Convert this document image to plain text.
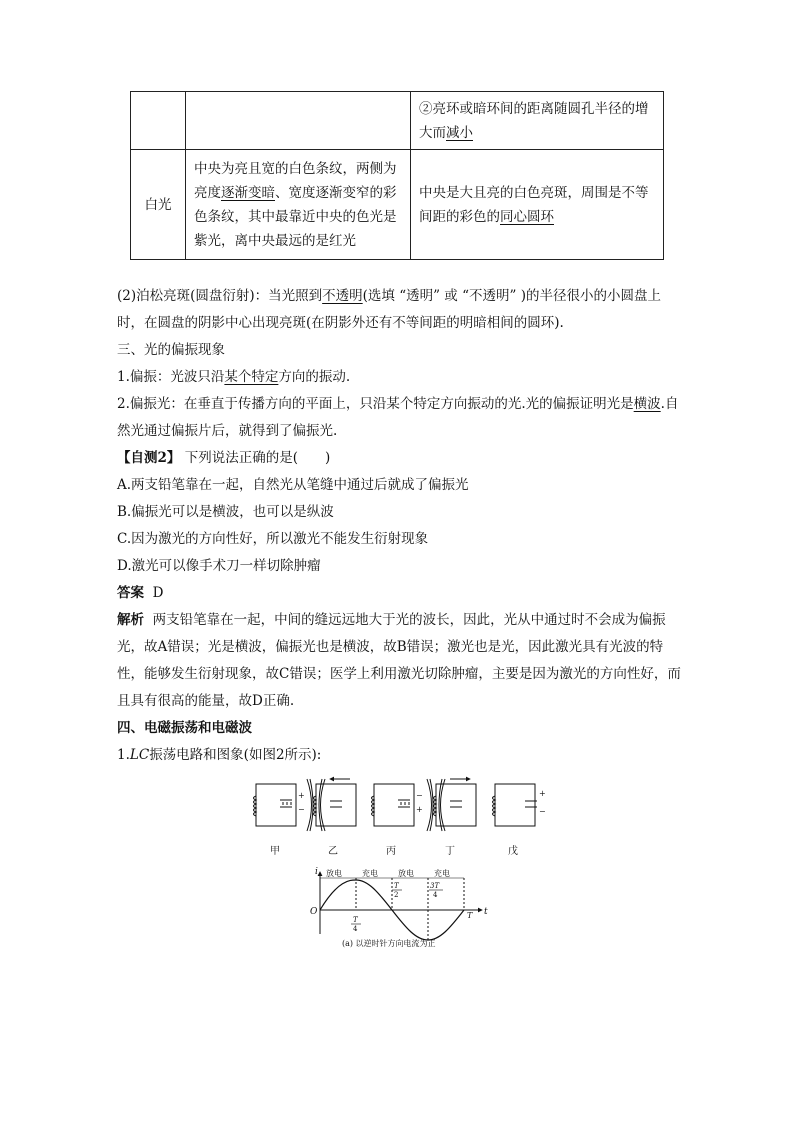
		②亮环或暗环间的距离随圆孔半径的增大而减小
白光	中央为亮且宽的白色条纹，两侧为亮度逐渐变暗、宽度逐渐变窄的彩色条纹，其中最靠近中央的色光是紫光，离中央最远的是红光	中央是大且亮的白色亮斑，周围是不等间距的彩色的同心圆环

(2)泊松亮斑(圆盘衍射)：当光照到不透明(选填 “透明” 或 “不透明” )的半径很小的小圆盘上时，在圆盘的阴影中心出现亮斑(在阴影外还有不等间距的明暗相间的圆环).

三、光的偏振现象

1.偏振：光波只沿某个特定方向的振动.

2.偏振光：在垂直于传播方向的平面上，只沿某个特定方向振动的光.光的偏振证明光是横波.自然光通过偏振片后，就得到了偏振光.

【自测2】 下列说法正确的是(　　)

A.两支铅笔靠在一起，自然光从笔缝中通过后就成了偏振光

B.偏振光可以是横波，也可以是纵波

C.因为激光的方向性好，所以激光不能发生衍射现象

D.激光可以像手术刀一样切除肿瘤

答案 D

解析 两支铅笔靠在一起，中间的缝远远地大于光的波长，因此，光从中通过时不会成为偏振光，故A错误；光是横波，偏振光也是横波，故B错误；激光也是光，因此激光具有光波的特性，能够发生衍射现象，故C错误；医学上利用激光切除肿瘤，主要是因为激光的方向性好，而且具有很高的能量，故D正确.

四、电磁振荡和电磁波

1.LC振荡电路和图象(如图2所示):

+
−
−
+
+
−
甲	乙	丙	丁	戊
i
t
O
放电	充电	放电	充电
T
4
T
2
3T
4
T
(a) 以逆时针方向电流为正
